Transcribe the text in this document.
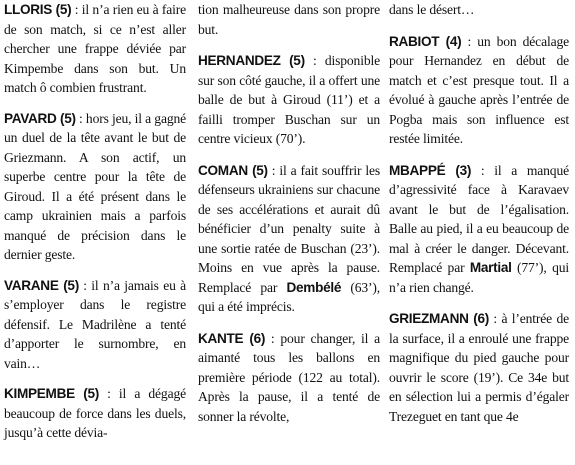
LLORIS (5) : il n’a rien eu à faire de son match, si ce n’est aller chercher une frappe déviée par Kimpembe dans son but. Un match ô combien frustrant.

PAVARD (5) : hors jeu, il a gagné un duel de la tête avant le but de Griezmann. A son actif, un superbe centre pour la tête de Giroud. Il a été présent dans le camp ukrainien mais a parfois manqué de précision dans le dernier geste.

VARANE (5) : il n’a jamais eu à s’employer dans le registre défensif. Le Madrilène a tenté d’apporter le surnombre, en vain…

KIMPEMBE (5) : il a dégagé beaucoup de force dans les duels, jusqu’à cette dévia-

tion malheureuse dans son propre but.

HERNANDEZ (5) : disponible sur son côté gauche, il a offert une balle de but à Giroud (11’) et a failli tromper Buschan sur un centre vicieux (70’).

COMAN (5) : il a fait souffrir les défenseurs ukrainiens sur chacune de ses accélérations et aurait dû bénéficier d’un penalty suite à une sortie ratée de Buschan (23’). Moins en vue après la pause. Remplacé par Dembélé (63’), qui a été imprécis.

KANTE (6) : pour changer, il a aimanté tous les ballons en première période (122 au total). Après la pause, il a tenté de sonner la révolte,

dans le désert…

RABIOT (4) : un bon décalage pour Hernandez en début de match et c’est presque tout. Il a évolué à gauche après l’entrée de Pogba mais son influence est restée limitée.

MBAPPÉ (3) : il a manqué d’agressivité face à Karavaev avant le but de l’égalisation. Balle au pied, il a eu beaucoup de mal à créer le danger. Décevant. Remplacé par Martial (77’), qui n’a rien changé.

GRIEZMANN (6) : à l’entrée de la surface, il a enroulé une frappe magnifique du pied gauche pour ouvrir le score (19’). Ce 34e but en sélection lui a permis d’égaler Trezeguet en tant que 4e
